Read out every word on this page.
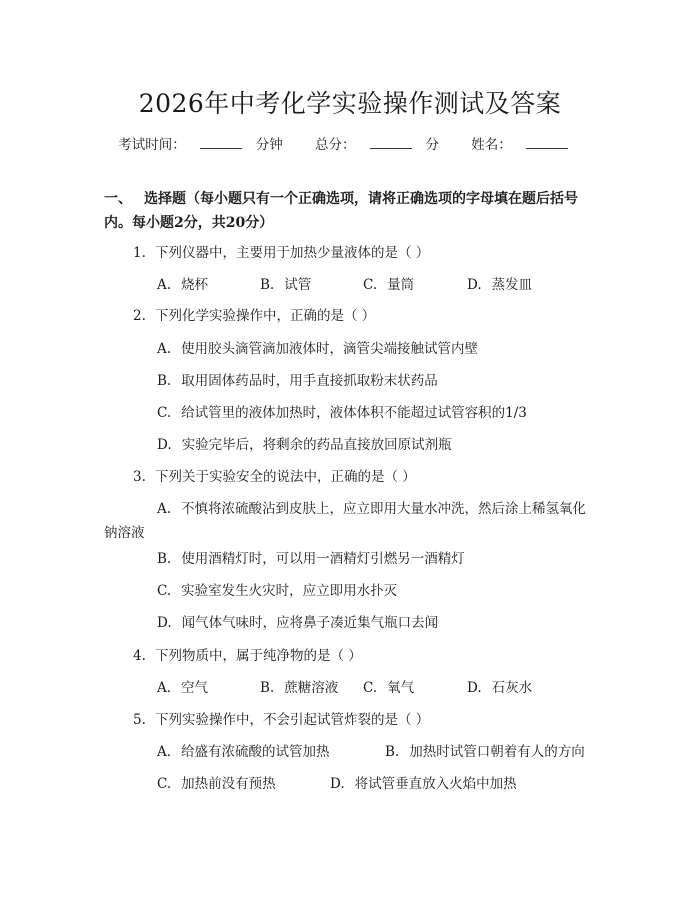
2026年中考化学实验操作测试及答案
考试时间：	分钟 总分：	分 姓名：
一、 选择题（每小题只有一个正确选项，请将正确选项的字母填在题后括号内。每小题2分，共20分）
1. 下列仪器中，主要用于加热少量液体的是（ ）
A. 烧杯	B. 试管	C. 量筒	D. 蒸发皿
2. 下列化学实验操作中，正确的是（ ）
A. 使用胶头滴管滴加液体时，滴管尖端接触试管内壁
B. 取用固体药品时，用手直接抓取粉末状药品
C. 给试管里的液体加热时，液体体积不能超过试管容积的1/3
D. 实验完毕后，将剩余的药品直接放回原试剂瓶
3. 下列关于实验安全的说法中，正确的是（ ）
A. 不慎将浓硫酸沾到皮肤上，应立即用大量水冲洗，然后涂上稀氢氧化钠溶液
B. 使用酒精灯时，可以用一酒精灯引燃另一酒精灯
C. 实验室发生火灾时，应立即用水扑灭
D. 闻气体气味时，应将鼻子凑近集气瓶口去闻
4. 下列物质中，属于纯净物的是（ ）
A. 空气	B. 蔗糖溶液 C. 氧气	D. 石灰水
5. 下列实验操作中，不会引起试管炸裂的是（ ）
A. 给盛有浓硫酸的试管加热	B. 加热时试管口朝着有人的方向
C. 加热前没有预热	D. 将试管垂直放入火焰中加热
